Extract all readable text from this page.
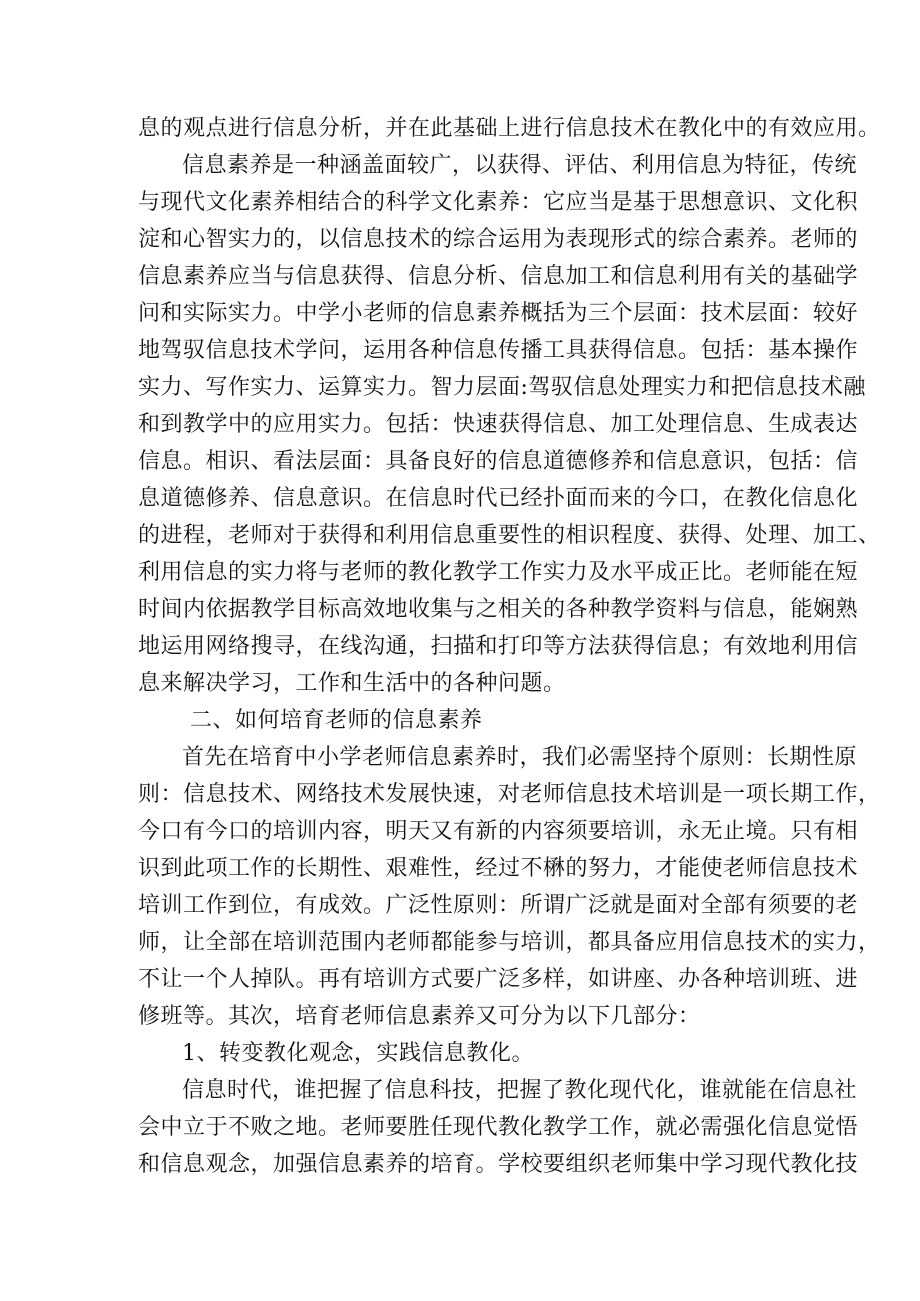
息的观点进行信息分析，并在此基础上进行信息技术在教化中的有效应用。
信息素养是一种涵盖面较广，以获得、评估、利用信息为特征，传统
与现代文化素养相结合的科学文化素养：它应当是基于思想意识、文化积
淀和心智实力的，以信息技术的综合运用为表现形式的综合素养。老师的
信息素养应当与信息获得、信息分析、信息加工和信息利用有关的基础学
问和实际实力。中学小老师的信息素养概括为三个层面：技术层面：较好
地驾驭信息技术学问，运用各种信息传播工具获得信息。包括：基本操作
实力、写作实力、运算实力。智力层面:驾驭信息处理实力和把信息技术融
和到教学中的应用实力。包括：快速获得信息、加工处理信息、生成表达
信息。相识、看法层面：具备良好的信息道德修养和信息意识，包括：信
息道德修养、信息意识。在信息时代已经扑面而来的今口，在教化信息化
的进程，老师对于获得和利用信息重要性的相识程度、获得、处理、加工、
利用信息的实力将与老师的教化教学工作实力及水平成正比。老师能在短
时间内依据教学目标高效地收集与之相关的各种教学资料与信息，能娴熟
地运用网络搜寻，在线沟通，扫描和打印等方法获得信息；有效地利用信
息来解决学习，工作和生活中的各种问题。
二、如何培育老师的信息素养
首先在培育中小学老师信息素养时，我们必需坚持个原则：长期性原
则：信息技术、网络技术发展快速，对老师信息技术培训是一项长期工作，
今口有今口的培训内容，明天又有新的内容须要培训，永无止境。只有相
识到此项工作的长期性、艰难性，经过不楙的努力，才能使老师信息技术
培训工作到位，有成效。广泛性原则：所谓广泛就是面对全部有须要的老
师，让全部在培训范围内老师都能参与培训，都具备应用信息技术的实力，
不让一个人掉队。再有培训方式要广泛多样，如讲座、办各种培训班、进
修班等。其次，培育老师信息素养又可分为以下几部分：
1、转变教化观念，实践信息教化。
信息时代，谁把握了信息科技，把握了教化现代化，谁就能在信息社
会中立于不败之地。老师要胜任现代教化教学工作，就必需强化信息觉悟
和信息观念，加强信息素养的培育。学校要组织老师集中学习现代教化技
